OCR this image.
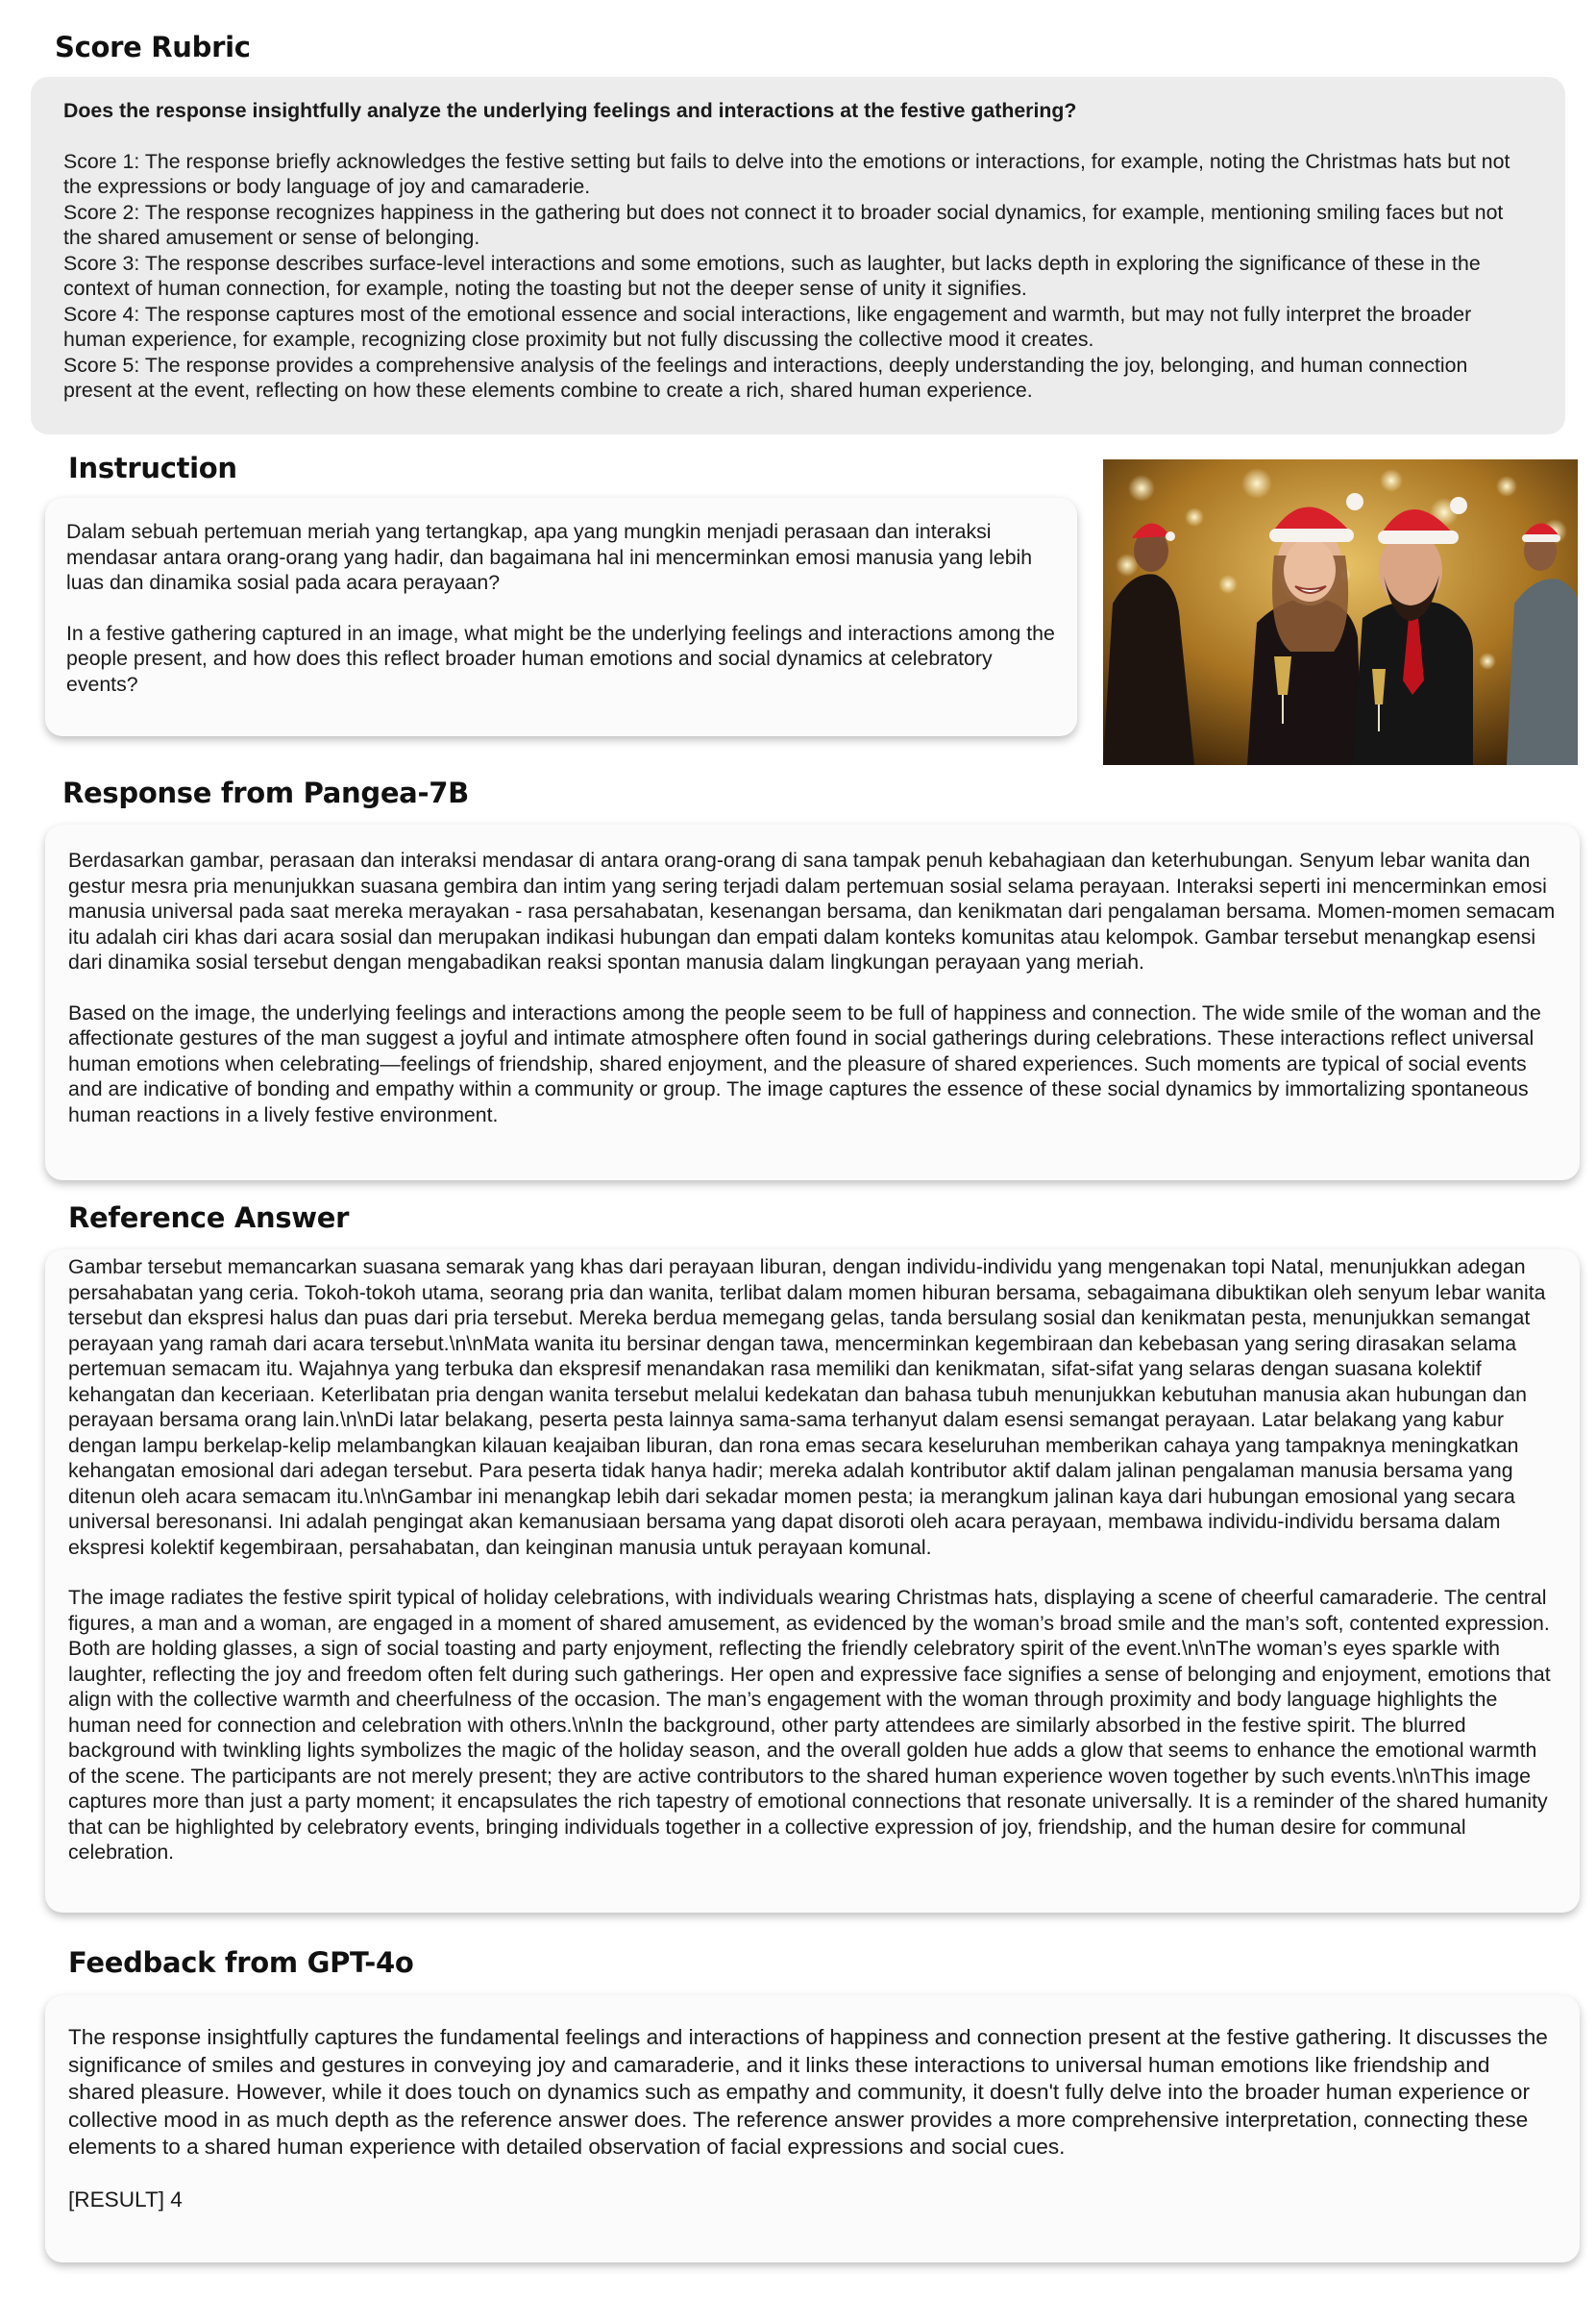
Score Rubric

Does the response insightfully analyze the underlying feelings and interactions at the festive gathering?

Score 1: The response briefly acknowledges the festive setting but fails to delve into the emotions or interactions, for example, noting the Christmas hats but not the expressions or body language of joy and camaraderie.

Score 2: The response recognizes happiness in the gathering but does not connect it to broader social dynamics, for example, mentioning smiling faces but not the shared amusement or sense of belonging.

Score 3: The response describes surface-level interactions and some emotions, such as laughter, but lacks depth in exploring the significance of these in the context of human connection, for example, noting the toasting but not the deeper sense of unity it signifies.

Score 4: The response captures most of the emotional essence and social interactions, like engagement and warmth, but may not fully interpret the broader human experience, for example, recognizing close proximity but not fully discussing the collective mood it creates.

Score 5: The response provides a comprehensive analysis of the feelings and interactions, deeply understanding the joy, belonging, and human connection present at the event, reflecting on how these elements combine to create a rich, shared human experience.

Instruction

Dalam sebuah pertemuan meriah yang tertangkap, apa yang mungkin menjadi perasaan dan interaksi mendasar antara orang-orang yang hadir, dan bagaimana hal ini mencerminkan emosi manusia yang lebih luas dan dinamika sosial pada acara perayaan?

In a festive gathering captured in an image, what might be the underlying feelings and interactions among the people present, and how does this reflect broader human emotions and social dynamics at celebratory events?

Response from Pangea-7B

Berdasarkan gambar, perasaan dan interaksi mendasar di antara orang-orang di sana tampak penuh kebahagiaan dan keterhubungan. Senyum lebar wanita dan gestur mesra pria menunjukkan suasana gembira dan intim yang sering terjadi dalam pertemuan sosial selama perayaan. Interaksi seperti ini mencerminkan emosi manusia universal pada saat mereka merayakan - rasa persahabatan, kesenangan bersama, dan kenikmatan dari pengalaman bersama. Momen-momen semacam itu adalah ciri khas dari acara sosial dan merupakan indikasi hubungan dan empati dalam konteks komunitas atau kelompok. Gambar tersebut menangkap esensi dari dinamika sosial tersebut dengan mengabadikan reaksi spontan manusia dalam lingkungan perayaan yang meriah.

Based on the image, the underlying feelings and interactions among the people seem to be full of happiness and connection. The wide smile of the woman and the affectionate gestures of the man suggest a joyful and intimate atmosphere often found in social gatherings during celebrations. These interactions reflect universal human emotions when celebrating—feelings of friendship, shared enjoyment, and the pleasure of shared experiences. Such moments are typical of social events and are indicative of bonding and empathy within a community or group. The image captures the essence of these social dynamics by immortalizing spontaneous human reactions in a lively festive environment.

Reference Answer

Gambar tersebut memancarkan suasana semarak yang khas dari perayaan liburan, dengan individu-individu yang mengenakan topi Natal, menunjukkan adegan persahabatan yang ceria. Tokoh-tokoh utama, seorang pria dan wanita, terlibat dalam momen hiburan bersama, sebagaimana dibuktikan oleh senyum lebar wanita tersebut dan ekspresi halus dan puas dari pria tersebut. Mereka berdua memegang gelas, tanda bersulang sosial dan kenikmatan pesta, menunjukkan semangat perayaan yang ramah dari acara tersebut.\n\nMata wanita itu bersinar dengan tawa, mencerminkan kegembiraan dan kebebasan yang sering dirasakan selama pertemuan semacam itu. Wajahnya yang terbuka dan ekspresif menandakan rasa memiliki dan kenikmatan, sifat-sifat yang selaras dengan suasana kolektif kehangatan dan keceriaan. Keterlibatan pria dengan wanita tersebut melalui kedekatan dan bahasa tubuh menunjukkan kebutuhan manusia akan hubungan dan perayaan bersama orang lain.\n\nDi latar belakang, peserta pesta lainnya sama-sama terhanyut dalam esensi semangat perayaan. Latar belakang yang kabur dengan lampu berkelap-kelip melambangkan kilauan keajaiban liburan, dan rona emas secara keseluruhan memberikan cahaya yang tampaknya meningkatkan kehangatan emosional dari adegan tersebut. Para peserta tidak hanya hadir; mereka adalah kontributor aktif dalam jalinan pengalaman manusia bersama yang ditenun oleh acara semacam itu.\n\nGambar ini menangkap lebih dari sekadar momen pesta; ia merangkum jalinan kaya dari hubungan emosional yang secara universal beresonansi. Ini adalah pengingat akan kemanusiaan bersama yang dapat disoroti oleh acara perayaan, membawa individu-individu bersama dalam ekspresi kolektif kegembiraan, persahabatan, dan keinginan manusia untuk perayaan komunal.

The image radiates the festive spirit typical of holiday celebrations, with individuals wearing Christmas hats, displaying a scene of cheerful camaraderie. The central figures, a man and a woman, are engaged in a moment of shared amusement, as evidenced by the woman’s broad smile and the man’s soft, contented expression. Both are holding glasses, a sign of social toasting and party enjoyment, reflecting the friendly celebratory spirit of the event.\n\nThe woman’s eyes sparkle with laughter, reflecting the joy and freedom often felt during such gatherings. Her open and expressive face signifies a sense of belonging and enjoyment, emotions that align with the collective warmth and cheerfulness of the occasion. The man’s engagement with the woman through proximity and body language highlights the human need for connection and celebration with others.\n\nIn the background, other party attendees are similarly absorbed in the festive spirit. The blurred background with twinkling lights symbolizes the magic of the holiday season, and the overall golden hue adds a glow that seems to enhance the emotional warmth of the scene. The participants are not merely present; they are active contributors to the shared human experience woven together by such events.\n\nThis image captures more than just a party moment; it encapsulates the rich tapestry of emotional connections that resonate universally. It is a reminder of the shared humanity that can be highlighted by celebratory events, bringing individuals together in a collective expression of joy, friendship, and the human desire for communal celebration.

Feedback from GPT-4o

The response insightfully captures the fundamental feelings and interactions of happiness and connection present at the festive gathering. It discusses the significance of smiles and gestures in conveying joy and camaraderie, and it links these interactions to universal human emotions like friendship and shared pleasure. However, while it does touch on dynamics such as empathy and community, it doesn't fully delve into the broader human experience or collective mood in as much depth as the reference answer does. The reference answer provides a more comprehensive interpretation, connecting these elements to a shared human experience with detailed observation of facial expressions and social cues.

[RESULT] 4
